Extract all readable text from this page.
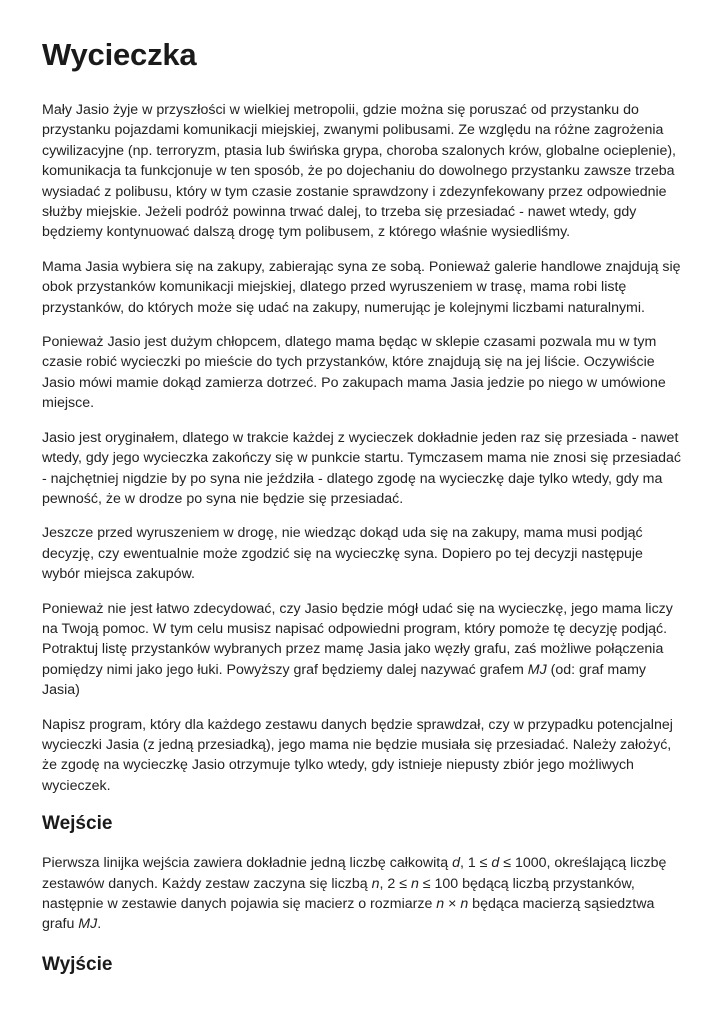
Wycieczka

Mały Jasio żyje w przyszłości w wielkiej metropolii, gdzie można się poruszać od przystanku do przystanku pojazdami komunikacji miejskiej, zwanymi polibusami. Ze względu na różne zagrożenia cywilizacyjne (np. terroryzm, ptasia lub świńska grypa, choroba szalonych krów, globalne ocieplenie), komunikacja ta funkcjonuje w ten sposób, że po dojechaniu do dowolnego przystanku zawsze trzeba wysiadać z polibusu, który w tym czasie zostanie sprawdzony i zdezynfekowany przez odpowiednie służby miejskie. Jeżeli podróż powinna trwać dalej, to trzeba się przesiadać - nawet wtedy, gdy będziemy kontynuować dalszą drogę tym polibusem, z którego właśnie wysiedliśmy.

Mama Jasia wybiera się na zakupy, zabierając syna ze sobą. Ponieważ galerie handlowe znajdują się obok przystanków komunikacji miejskiej, dlatego przed wyruszeniem w trasę, mama robi listę przystanków, do których może się udać na zakupy, numerując je kolejnymi liczbami naturalnymi.

Ponieważ Jasio jest dużym chłopcem, dlatego mama będąc w sklepie czasami pozwala mu w tym czasie robić wycieczki po mieście do tych przystanków, które znajdują się na jej liście. Oczywiście Jasio mówi mamie dokąd zamierza dotrzeć. Po zakupach mama Jasia jedzie po niego w umówione miejsce.

Jasio jest oryginałem, dlatego w trakcie każdej z wycieczek dokładnie jeden raz się przesiada - nawet wtedy, gdy jego wycieczka zakończy się w punkcie startu. Tymczasem mama nie znosi się przesiadać - najchętniej nigdzie by po syna nie jeździła - dlatego zgodę na wycieczkę daje tylko wtedy, gdy ma pewność, że w drodze po syna nie będzie się przesiadać.

Jeszcze przed wyruszeniem w drogę, nie wiedząc dokąd uda się na zakupy, mama musi podjąć decyzję, czy ewentualnie może zgodzić się na wycieczkę syna. Dopiero po tej decyzji następuje wybór miejsca zakupów.

Ponieważ nie jest łatwo zdecydować, czy Jasio będzie mógł udać się na wycieczkę, jego mama liczy na Twoją pomoc. W tym celu musisz napisać odpowiedni program, który pomoże tę decyzję podjąć. Potraktuj listę przystanków wybranych przez mamę Jasia jako węzły grafu, zaś możliwe połączenia pomiędzy nimi jako jego łuki. Powyższy graf będziemy dalej nazywać grafem MJ (od: graf mamy Jasia)

Napisz program, który dla każdego zestawu danych będzie sprawdzał, czy w przypadku potencjalnej wycieczki Jasia (z jedną przesiadką), jego mama nie będzie musiała się przesiadać. Należy założyć, że zgodę na wycieczkę Jasio otrzymuje tylko wtedy, gdy istnieje niepusty zbiór jego możliwych wycieczek.

Wejście

Pierwsza linijka wejścia zawiera dokładnie jedną liczbę całkowitą d, 1 ≤ d ≤ 1000, określającą liczbę zestawów danych. Każdy zestaw zaczyna się liczbą n, 2 ≤ n ≤ 100 będącą liczbą przystanków, następnie w zestawie danych pojawia się macierz o rozmiarze n × n będąca macierzą sąsiedztwa grafu MJ.

Wyjście
